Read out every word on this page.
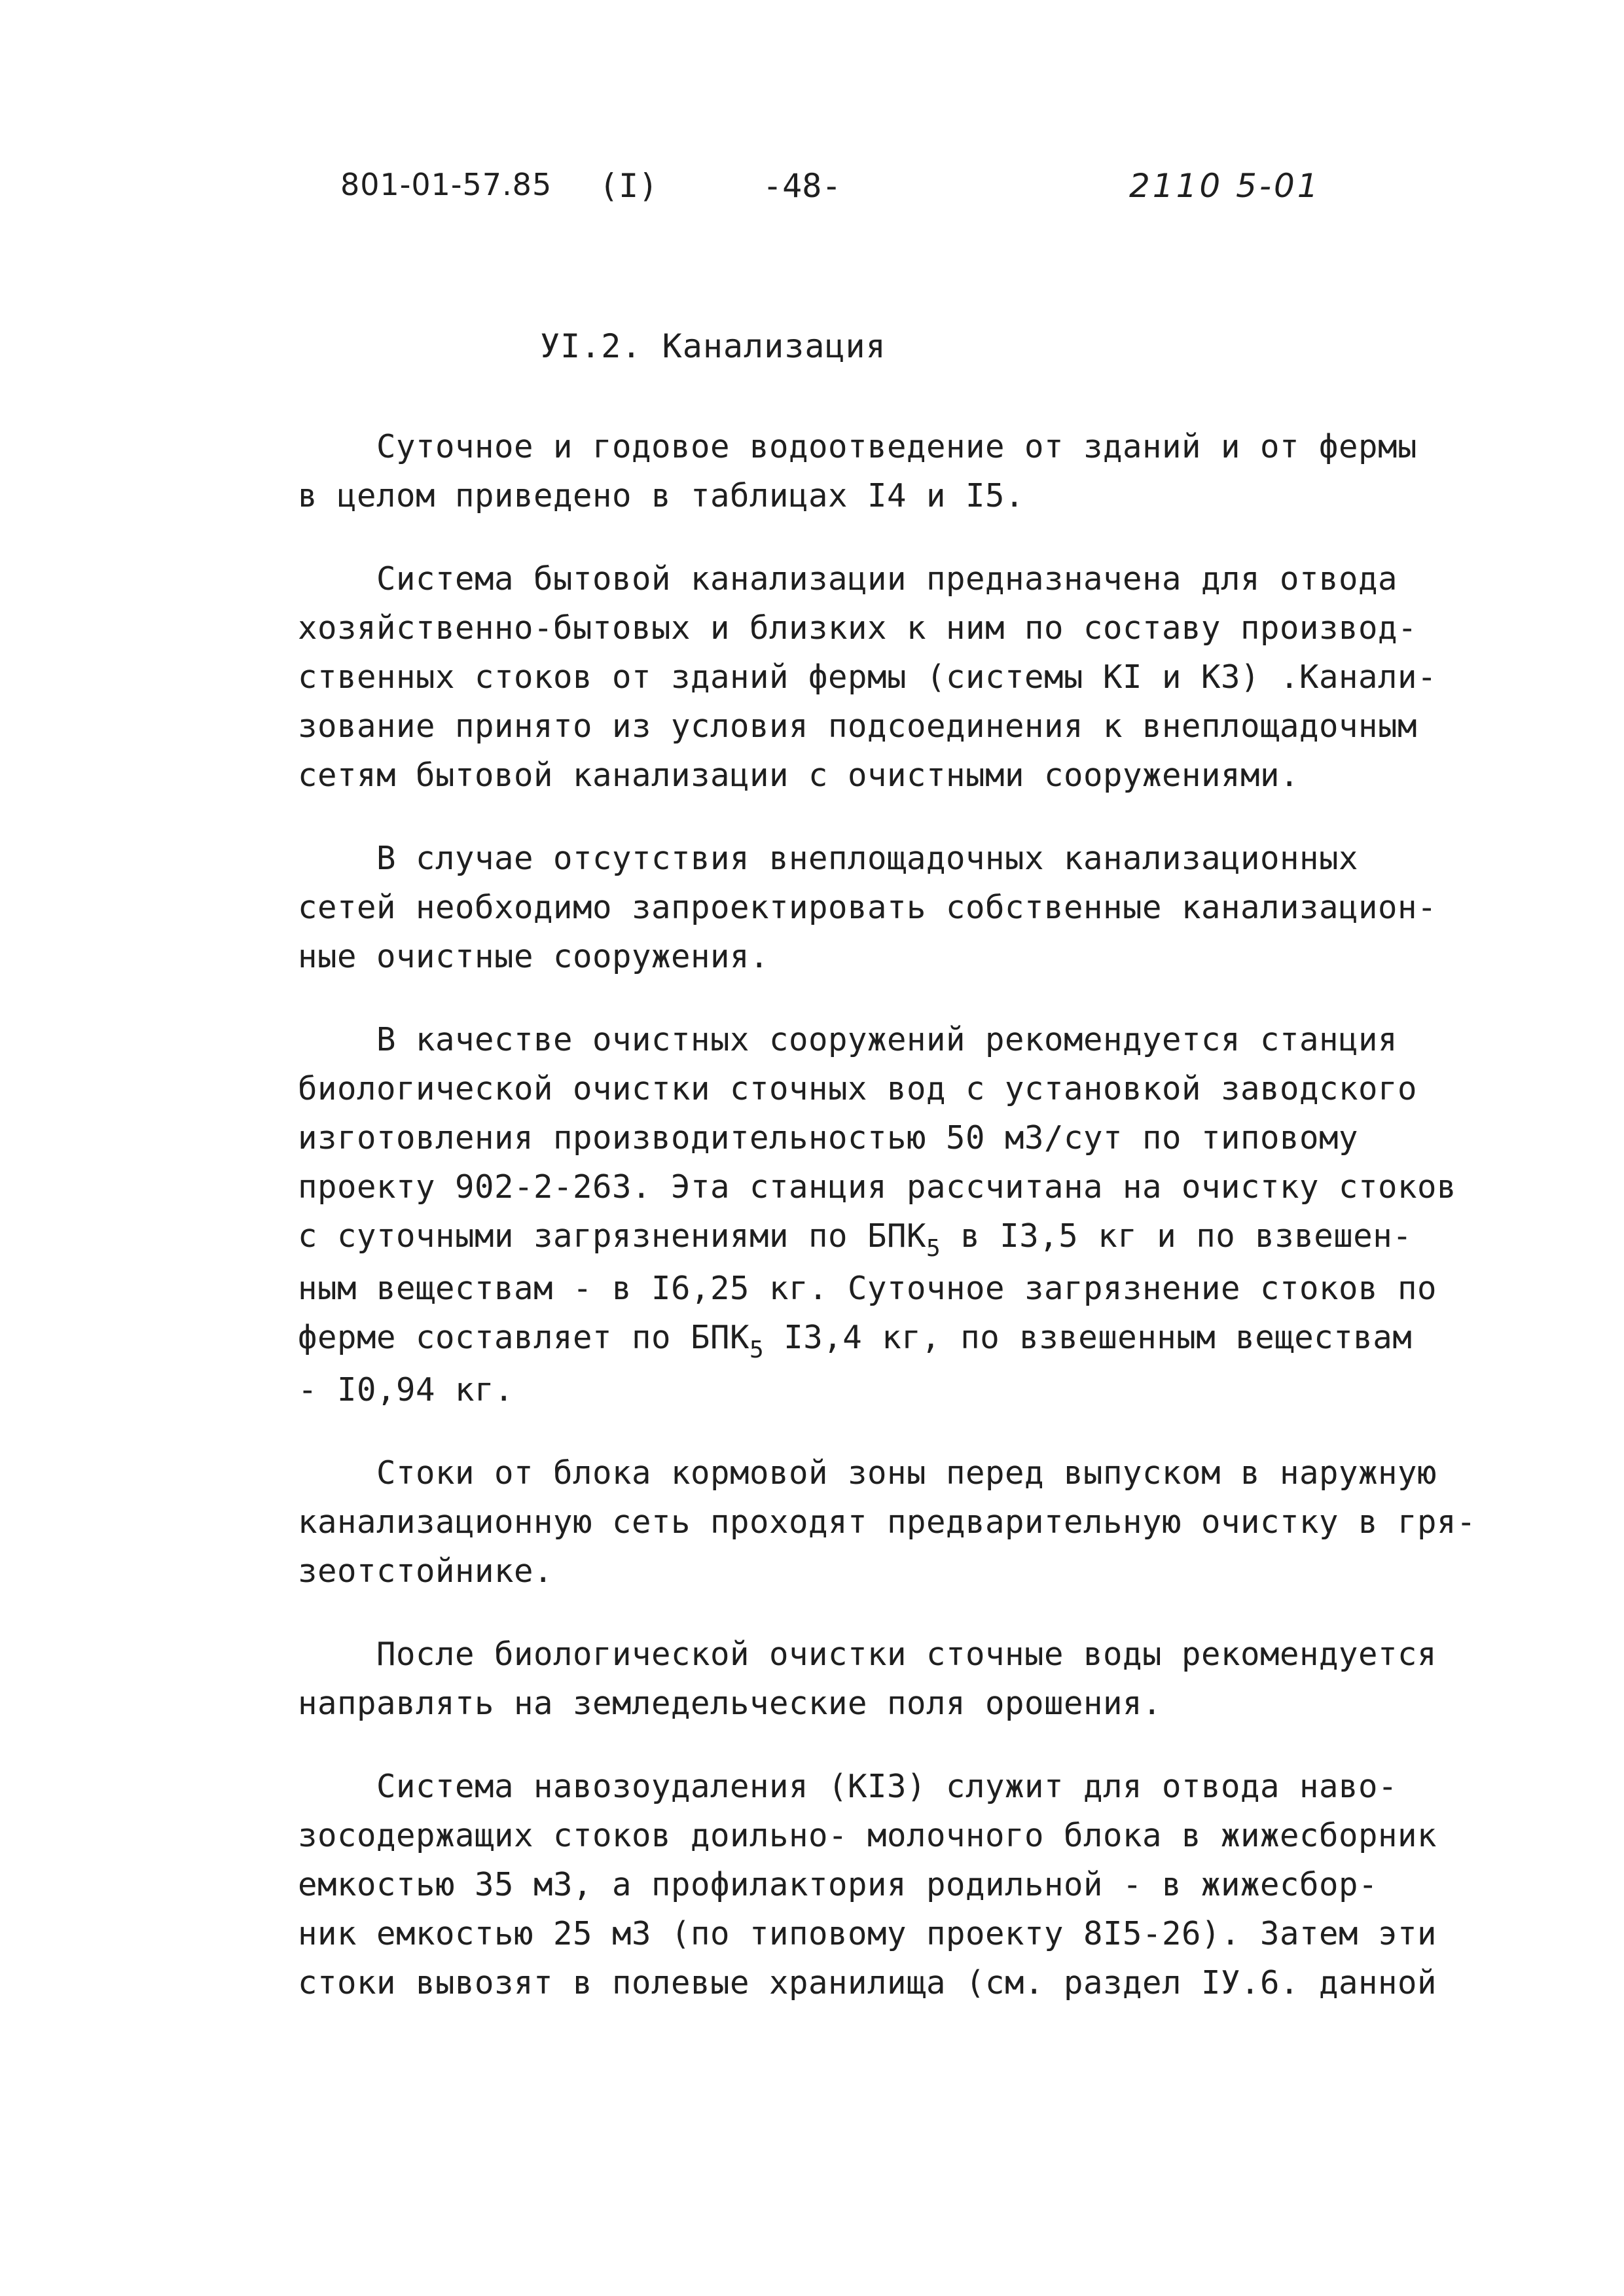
801-01-57.85 (I)	-48-	2110 5-01
УI.2. Канализация

Суточное и годовое водоотведение от зданий и от фермы
в целом приведено в таблицах I4 и I5.

Система бытовой канализации предназначена для отвода
хозяйственно-бытовых и близких к ним по составу производ-
ственных стоков от зданий фермы (системы КI и К3) .Канали-
зование принято из условия подсоединения к внеплощадочным
сетям бытовой канализации с очистными сооружениями.

В случае отсутствия внеплощадочных канализационных
сетей необходимо запроектировать собственные канализацион-
ные очистные сооружения.

В качестве очистных сооружений рекомендуется станция
биологической очистки сточных вод с установкой заводского
изготовления производительностью 50 м3/сут по типовому
проекту 902-2-263. Эта станция рассчитана на очистку стоков
с суточными загрязнениями по $БПК_5$ в I3,5 кг и по взвешен-
ным веществам - в I6,25 кг. Суточное загрязнение стоков по
ферме составляет по $БПК_5$ I3,4 кг, по взвешенным веществам
- I0,94 кг.

Стоки от блока кормовой зоны перед выпуском в наружную
канализационную сеть проходят предварительную очистку в гря-
зеотстойнике.

После биологической очистки сточные воды рекомендуется
направлять на земледельческие поля орошения.

Система навозоудаления (КI3) служит для отвода наво-
зосодержащих стоков доильно- молочного блока в жижесборник
емкостью 35 м3, а профилактория родильной - в жижесбор-
ник емкостью 25 м3 (по типовому проекту 8I5-26). Затем эти
стоки вывозят в полевые хранилища (см. раздел IУ.6. данной
